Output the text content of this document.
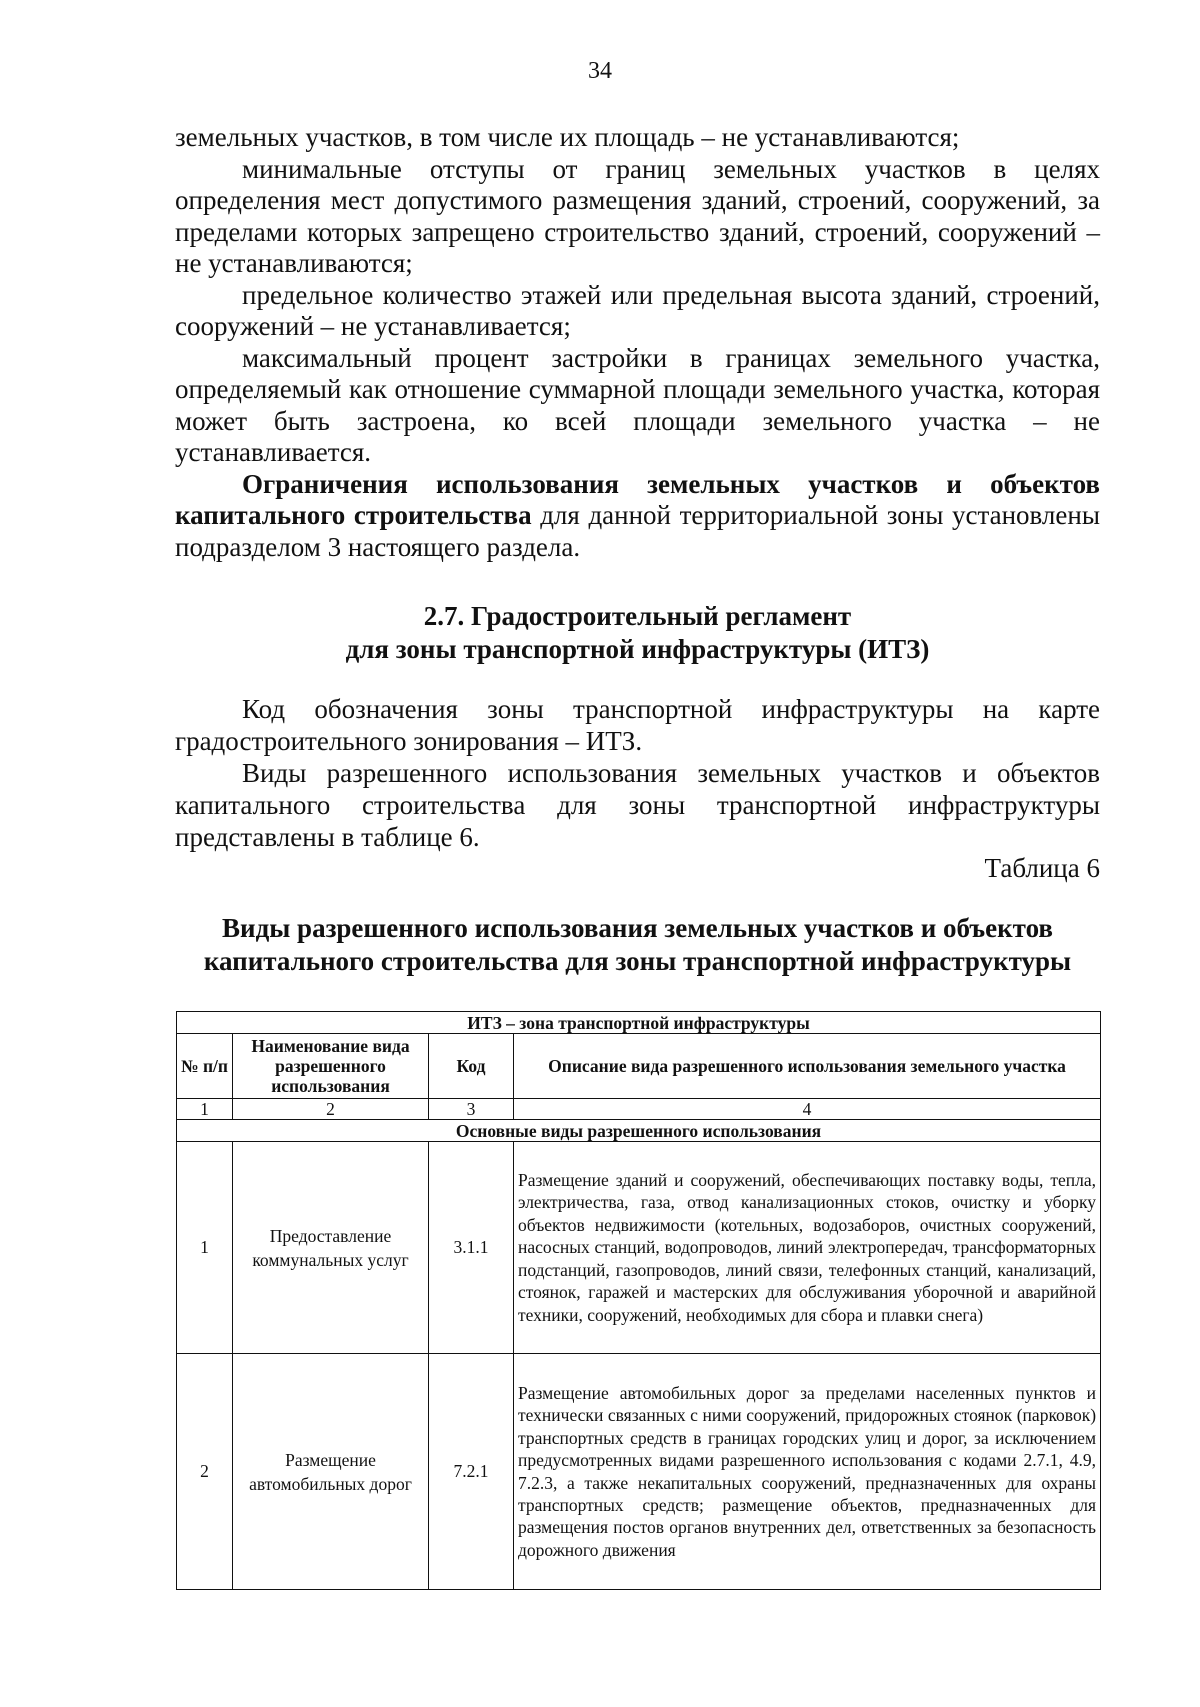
34

земельных участков, в том числе их площадь – не устанавливаются;

минимальные отступы от границ земельных участков в целях определения мест допустимого размещения зданий, строений, сооружений, за пределами которых запрещено строительство зданий, строений, сооружений – не устанавливаются;

предельное количество этажей или предельная высота зданий, строений, сооружений – не устанавливается;

максимальный процент застройки в границах земельного участка, определяемый как отношение суммарной площади земельного участка, которая может быть застроена, ко всей площади земельного участка – не устанавливается.

Ограничения использования земельных участков и объектов капитального строительства для данной территориальной зоны установлены подразделом 3 настоящего раздела.

2.7. Градостроительный регламент
для зоны транспортной инфраструктуры (ИТЗ)

Код обозначения зоны транспортной инфраструктуры на карте градостроительного зонирования – ИТЗ.

Виды разрешенного использования земельных участков и объектов капитального строительства для зоны транспортной инфраструктуры представлены в таблице 6.

Таблица 6
Виды разрешенного использования земельных участков и объектов
капитального строительства для зоны транспортной инфраструктуры
ИТЗ – зона транспортной инфраструктуры			
№ п/п	Наименование вида разрешенного использования	Код	Описание вида разрешенного использования земельного участка
1	2	3	4
Основные виды разрешенного использования			
1	Предоставление коммунальных услуг	3.1.1	Размещение зданий и сооружений, обеспечивающих поставку воды, тепла, электричества, газа, отвод канализационных стоков, очистку и уборку объектов недвижимости (котельных, водозаборов, очистных сооружений, насосных станций, водопроводов, линий электропередач, трансформаторных подстанций, газопроводов, линий связи, телефонных станций, канализаций, стоянок, гаражей и мастерских для обслуживания уборочной и аварийной техники, сооружений, необходимых для сбора и плавки снега)
2	Размещение автомобильных дорог	7.2.1	Размещение автомобильных дорог за пределами населенных пунктов и технически связанных с ними сооружений, придорожных стоянок (парковок) транспортных средств в границах городских улиц и дорог, за исключением предусмотренных видами разрешенного использования с кодами 2.7.1, 4.9, 7.2.3, а также некапитальных сооружений, предназначенных для охраны транспортных средств; размещение объектов, предназначенных для размещения постов органов внутренних дел, ответственных за безопасность дорожного движения
